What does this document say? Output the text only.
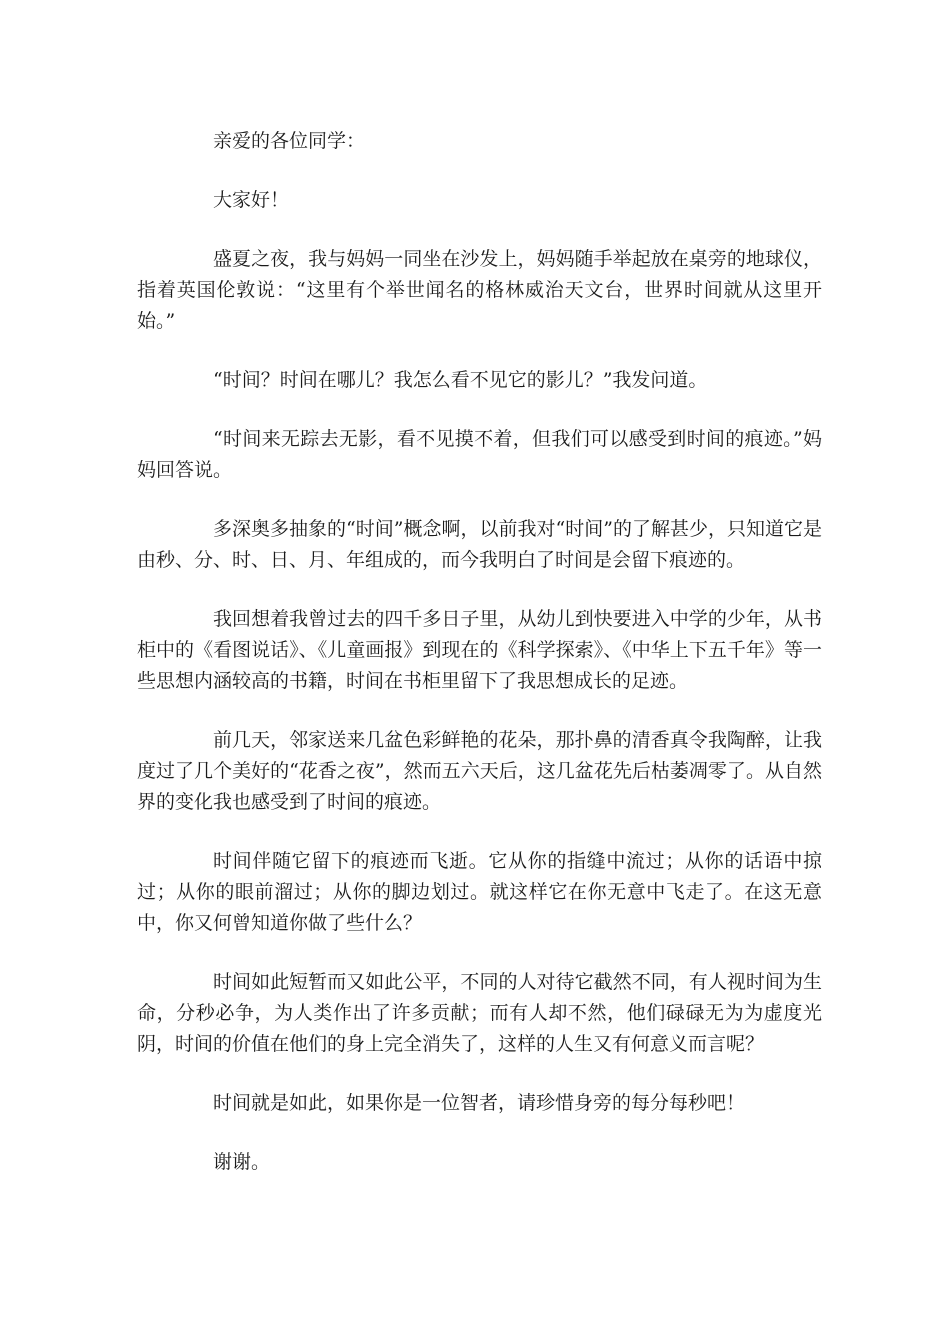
亲爱的各位同学：

大家好！

盛夏之夜，我与妈妈一同坐在沙发上，妈妈随手举起放在桌旁的地球仪，指着英国伦敦说：“这里有个举世闻名的格林威治天文台，世界时间就从这里开始。”

“时间？时间在哪儿？我怎么看不见它的影儿？”我发问道。

“时间来无踪去无影，看不见摸不着，但我们可以感受到时间的痕迹。”妈妈回答说。

多深奥多抽象的“时间”概念啊，以前我对“时间”的了解甚少，只知道它是由秒、分、时、日、月、年组成的，而今我明白了时间是会留下痕迹的。

我回想着我曾过去的四千多日子里，从幼儿到快要进入中学的少年，从书柜中的《看图说话》、《儿童画报》到现在的《科学探索》、《中华上下五千年》等一些思想内涵较高的书籍，时间在书柜里留下了我思想成长的足迹。

前几天，邻家送来几盆色彩鲜艳的花朵，那扑鼻的清香真令我陶醉，让我度过了几个美好的“花香之夜”，然而五六天后，这几盆花先后枯萎凋零了。从自然界的变化我也感受到了时间的痕迹。

时间伴随它留下的痕迹而飞逝。它从你的指缝中流过；从你的话语中掠过；从你的眼前溜过；从你的脚边划过。就这样它在你无意中飞走了。在这无意中，你又何曾知道你做了些什么？

时间如此短暂而又如此公平，不同的人对待它截然不同，有人视时间为生命，分秒必争，为人类作出了许多贡献；而有人却不然，他们碌碌无为为虚度光阴，时间的价值在他们的身上完全消失了，这样的人生又有何意义而言呢？

时间就是如此，如果你是一位智者，请珍惜身旁的每分每秒吧！

谢谢。
